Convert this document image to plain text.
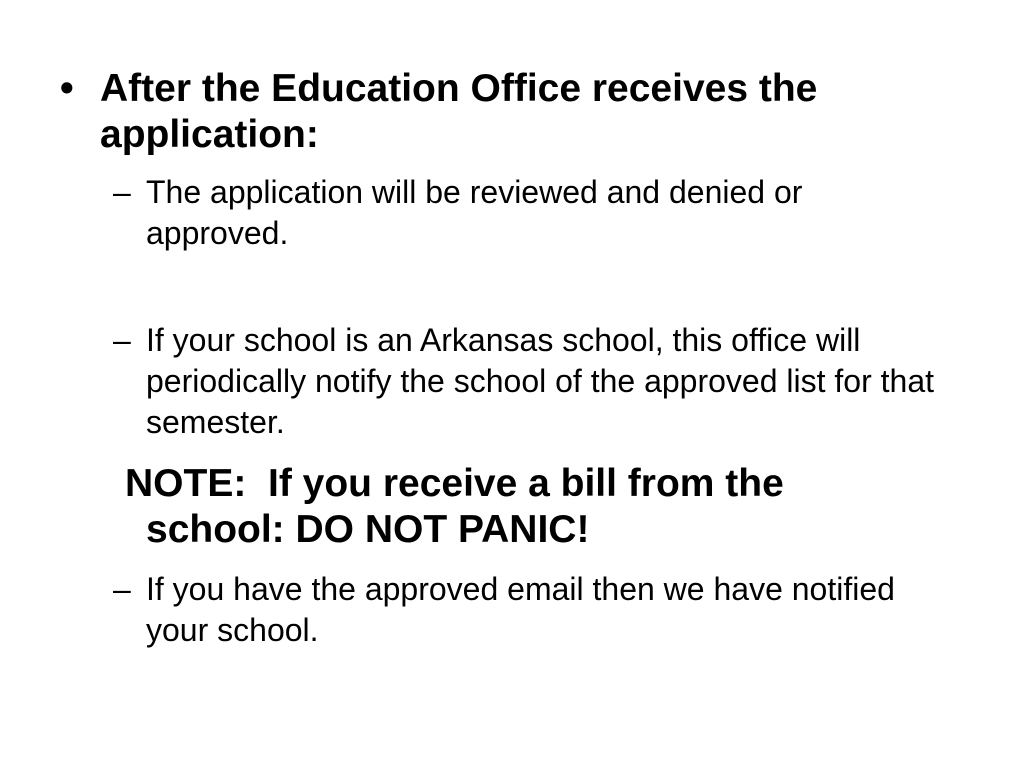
• After the Education Office receives the application:
– The application will be reviewed and denied or approved.
– If your school is an Arkansas school, this office will periodically notify the school of the approved list for that semester.
NOTE:  If you receive a bill from the
school: DO NOT PANIC!
– If you have the approved email then we have notified your school.
